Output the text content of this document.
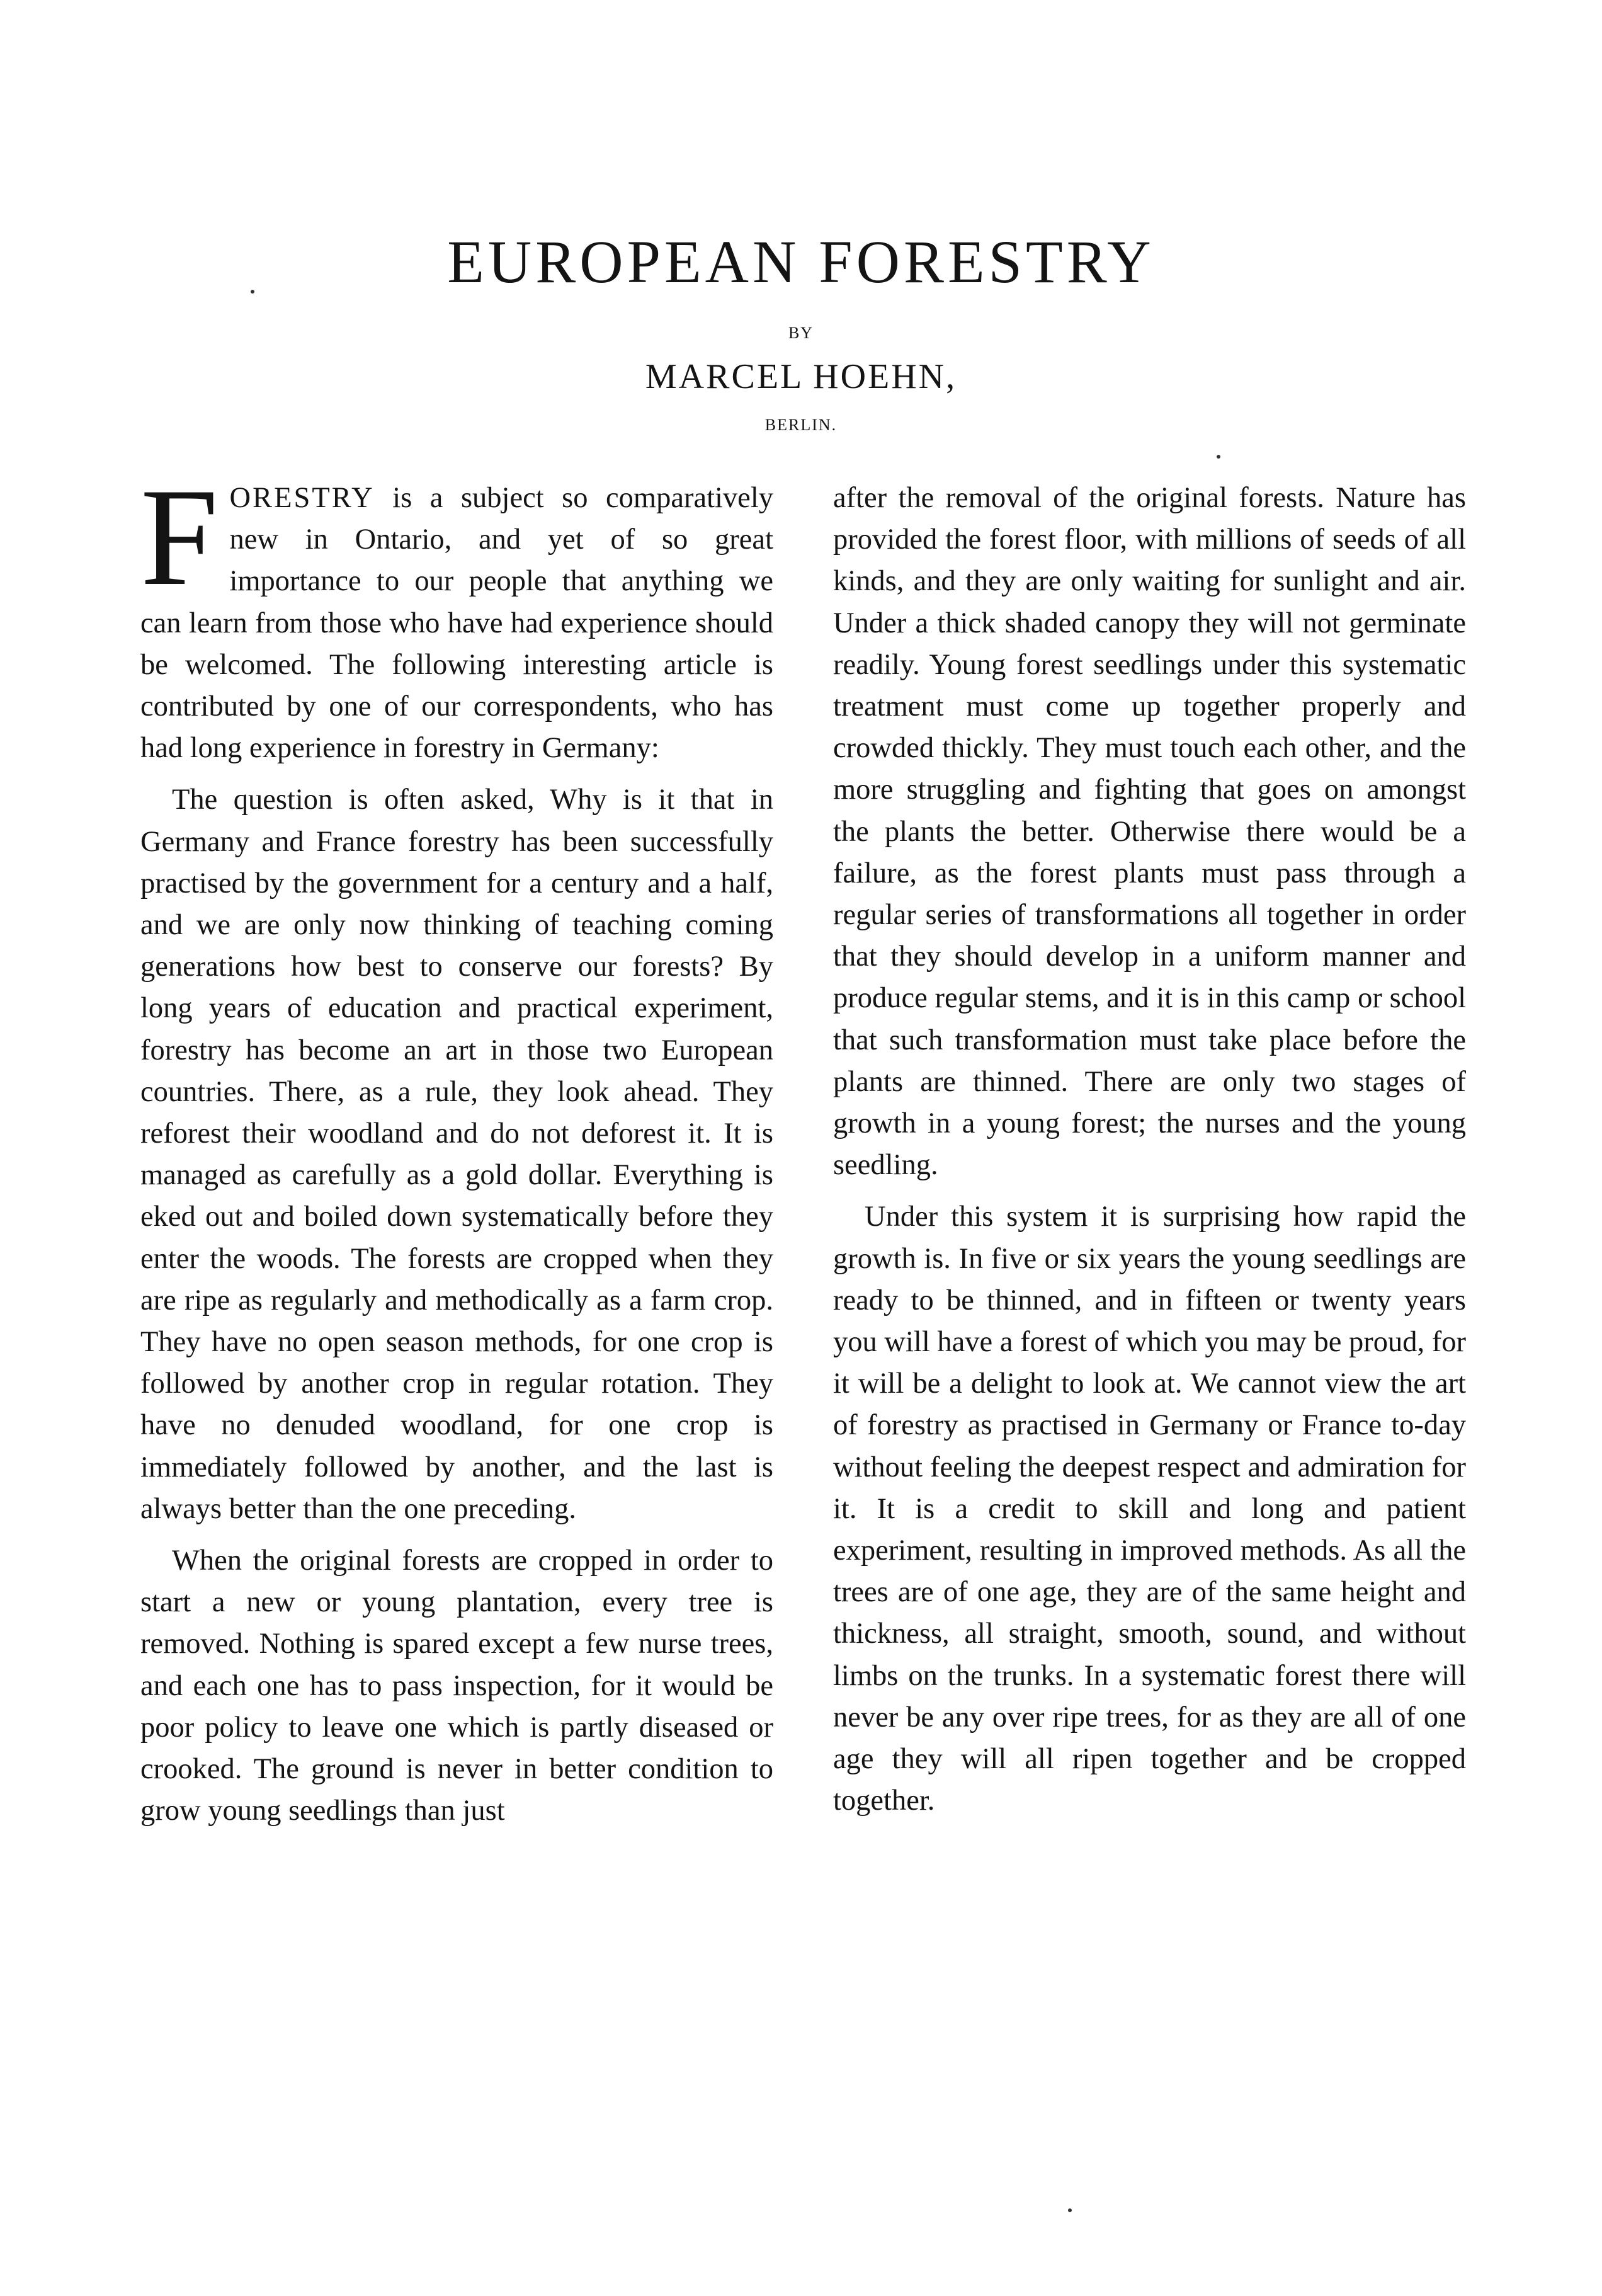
EUROPEAN FORESTRY
BY
MARCEL HOEHN,
BERLIN.

FORESTRY is a subject so comparatively new in Ontario, and yet of so great importance to our people that anything we can learn from those who have had experience should be welcomed. The following interesting article is contributed by one of our correspondents, who has had long experience in forestry in Germany:

The question is often asked, Why is it that in Germany and France forestry has been successfully practised by the government for a century and a half, and we are only now thinking of teaching coming generations how best to conserve our forests? By long years of education and practical experiment, forestry has become an art in those two European countries. There, as a rule, they look ahead. They reforest their woodland and do not deforest it. It is managed as carefully as a gold dollar. Everything is eked out and boiled down systematically before they enter the woods. The forests are cropped when they are ripe as regularly and methodically as a farm crop. They have no open season methods, for one crop is followed by another crop in regular rotation. They have no denuded woodland, for one crop is immediately followed by another, and the last is always better than the one preceding.

When the original forests are cropped in order to start a new or young plantation, every tree is removed. Nothing is spared except a few nurse trees, and each one has to pass inspection, for it would be poor policy to leave one which is partly diseased or crooked. The ground is never in better condition to grow young seedlings than just

after the removal of the original forests. Nature has provided the forest floor, with millions of seeds of all kinds, and they are only waiting for sunlight and air. Under a thick shaded canopy they will not germinate readily. Young forest seedlings under this systematic treatment must come up together properly and crowded thickly. They must touch each other, and the more struggling and fighting that goes on amongst the plants the better. Otherwise there would be a failure, as the forest plants must pass through a regular series of transformations all together in order that they should develop in a uniform manner and produce regular stems, and it is in this camp or school that such transformation must take place before the plants are thinned. There are only two stages of growth in a young forest; the nurses and the young seedling.

Under this system it is surprising how rapid the growth is. In five or six years the young seedlings are ready to be thinned, and in fifteen or twenty years you will have a forest of which you may be proud, for it will be a delight to look at. We cannot view the art of forestry as practised in Germany or France to-day without feeling the deepest respect and admiration for it. It is a credit to skill and long and patient experiment, resulting in improved methods. As all the trees are of one age, they are of the same height and thickness, all straight, smooth, sound, and without limbs on the trunks. In a systematic forest there will never be any over ripe trees, for as they are all of one age they will all ripen together and be cropped together.
